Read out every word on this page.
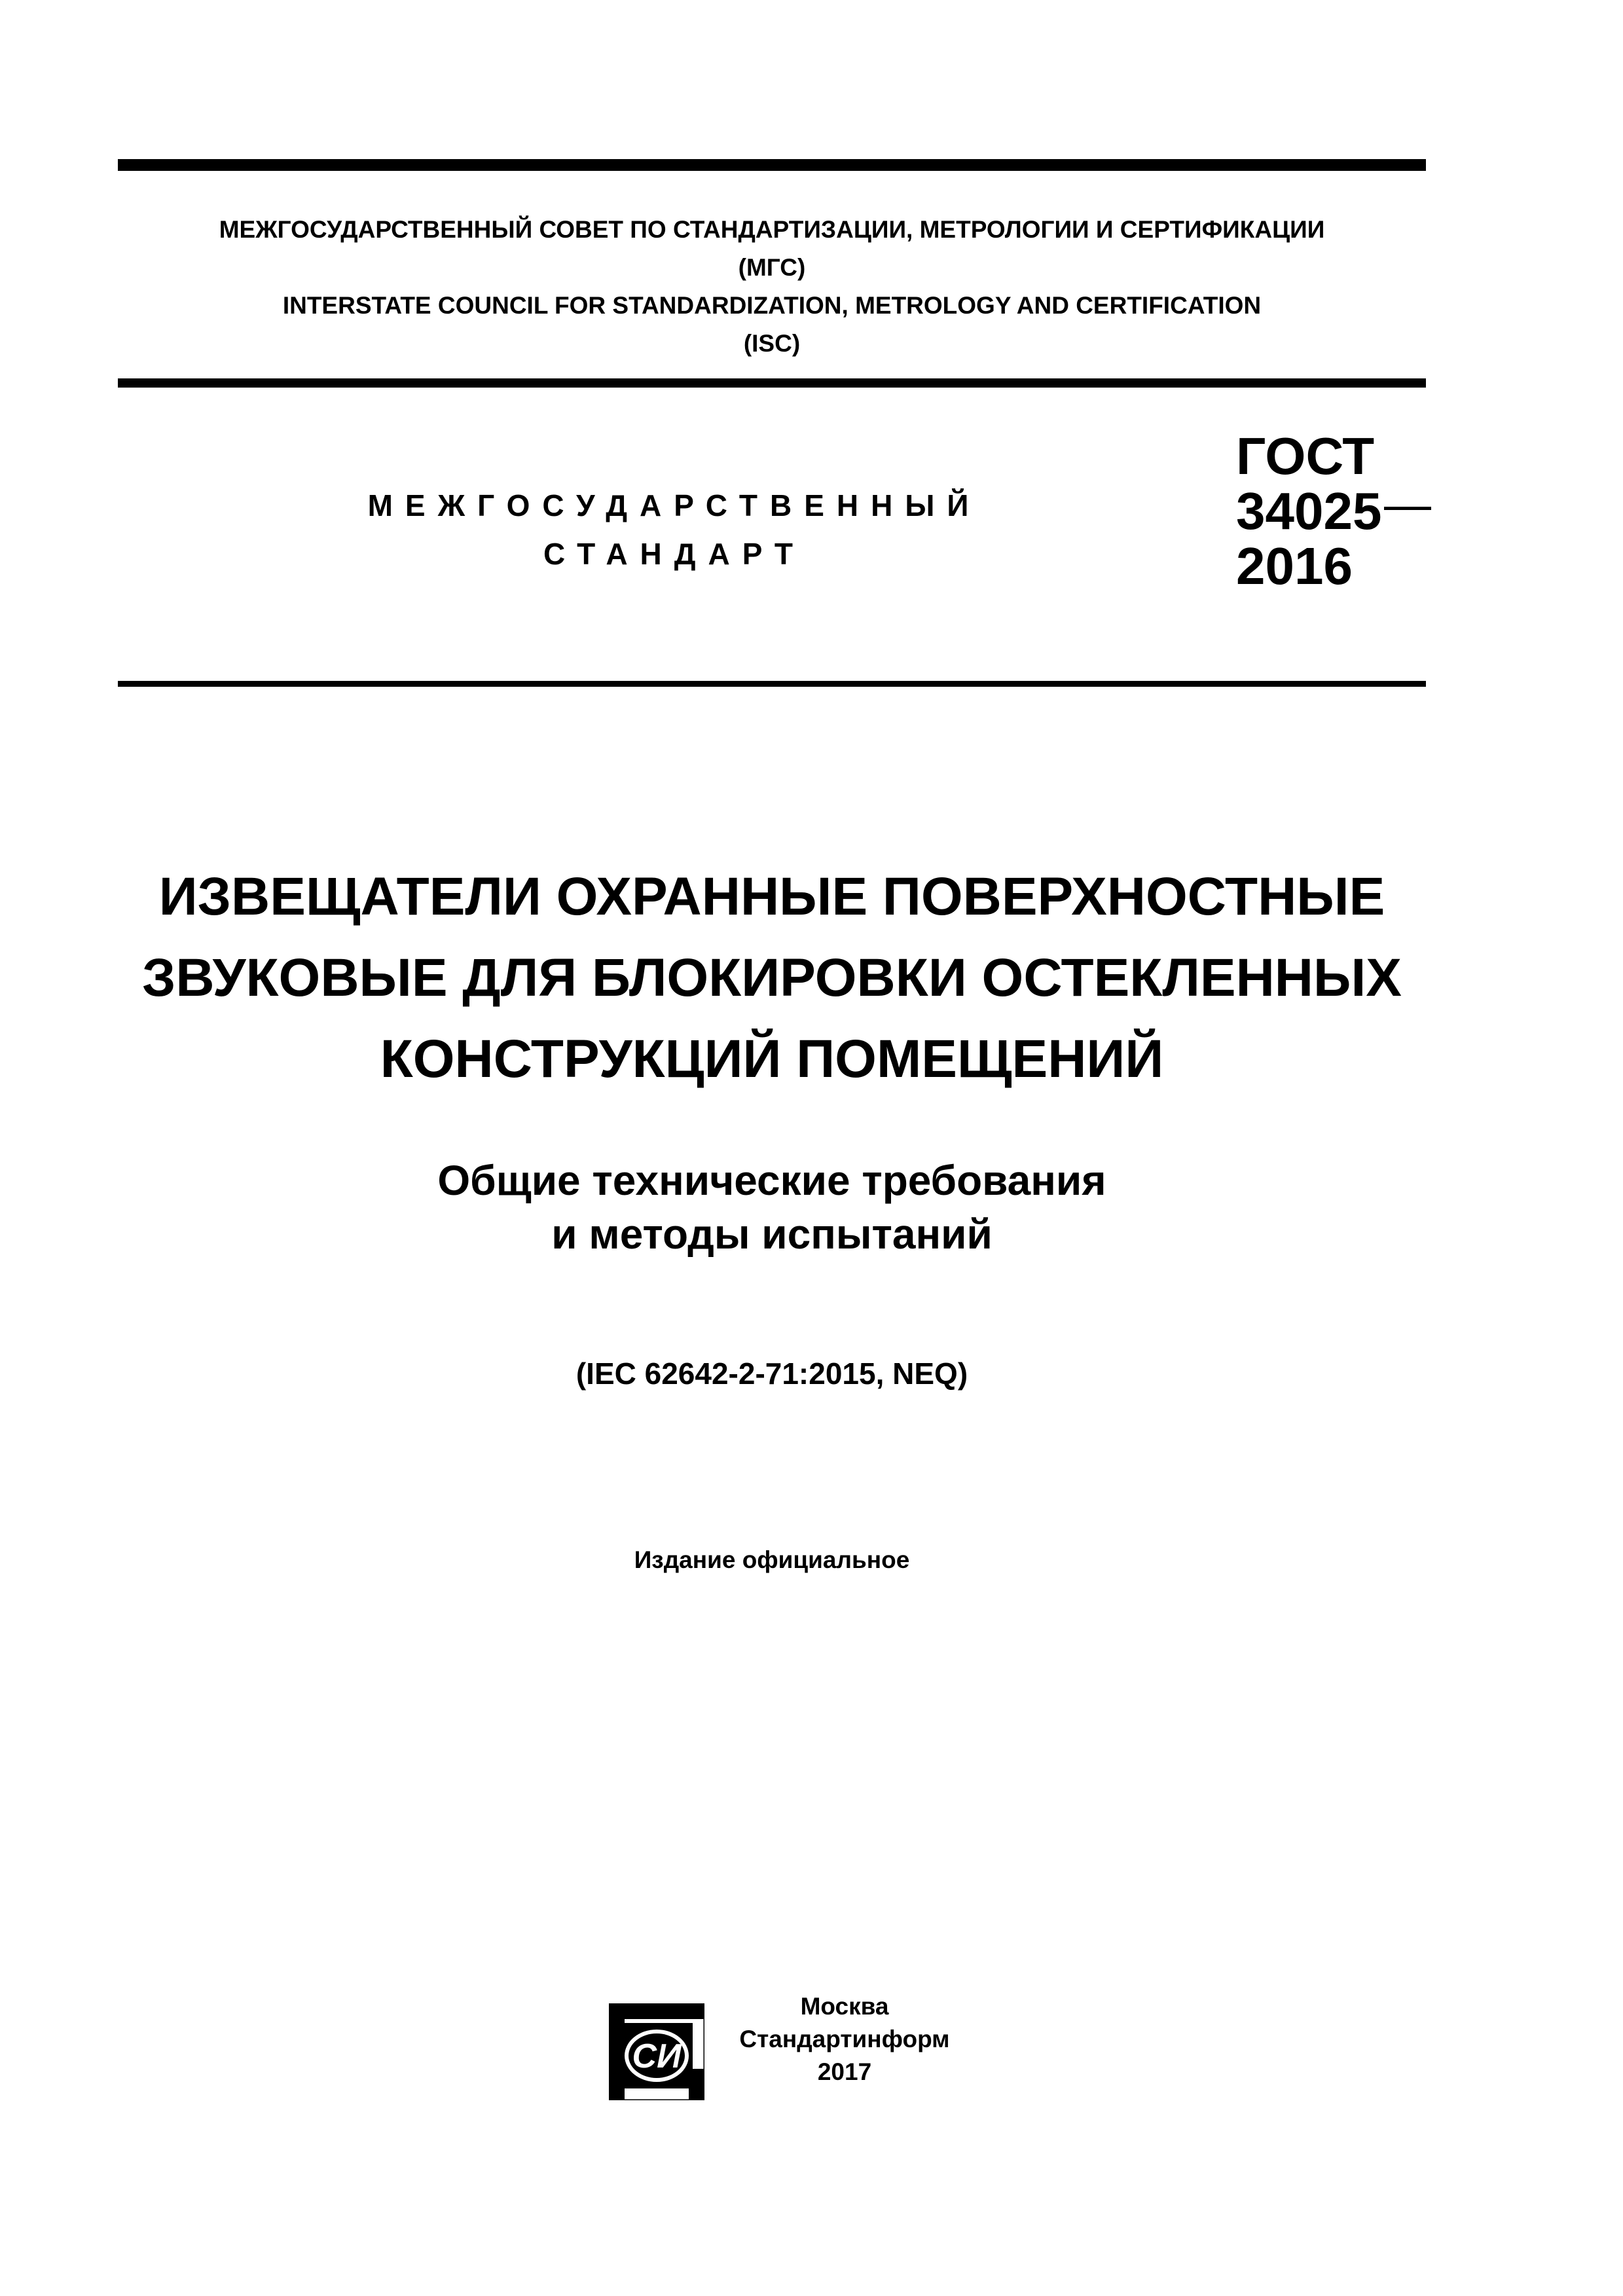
МЕЖГОСУДАРСТВЕННЫЙ СОВЕТ ПО СТАНДАРТИЗАЦИИ, МЕТРОЛОГИИ И СЕРТИФИКАЦИИ
(МГС)
INTERSTATE COUNCIL FOR STANDARDIZATION, METROLOGY AND CERTIFICATION
(ISC)
МЕЖГОСУДАРСТВЕННЫЙ
СТАНДАРТ
ГОСТ
34025
2016
ИЗВЕЩАТЕЛИ ОХРАННЫЕ ПОВЕРХНОСТНЫЕ
ЗВУКОВЫЕ ДЛЯ БЛОКИРОВКИ ОСТЕКЛЕННЫХ
КОНСТРУКЦИЙ ПОМЕЩЕНИЙ
Общие технические требования
и методы испытаний
(IEC 62642-2-71:2015, NEQ)
Издание официальное
СИ
Москва
Стандартинформ
2017
